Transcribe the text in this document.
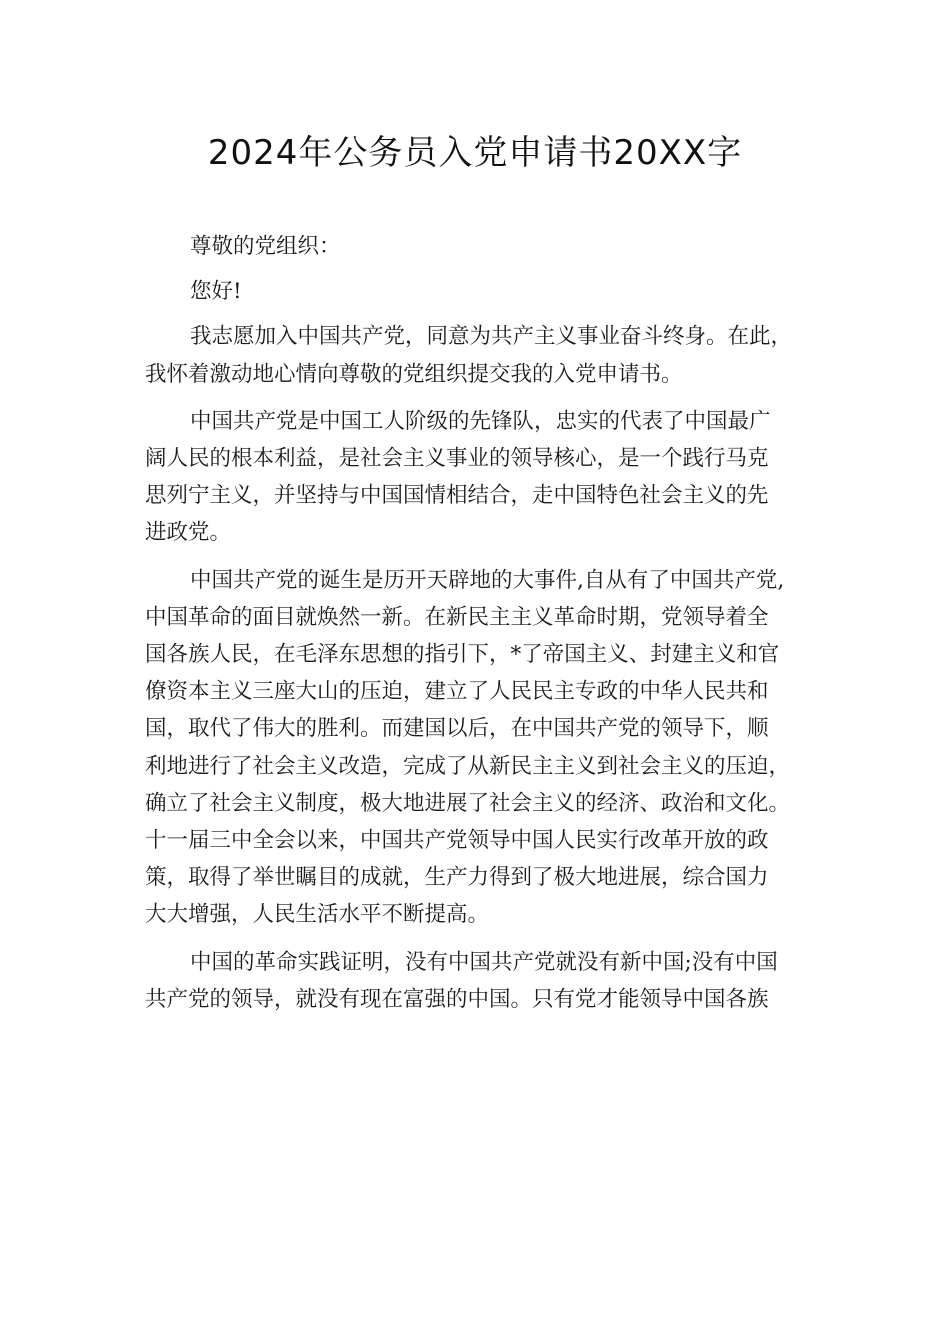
2024年公务员入党申请书20XX字

尊敬的党组织：

您好!

我志愿加入中国共产党，同意为共产主义事业奋斗终身。在此，
我怀着激动地心情向尊敬的党组织提交我的入党申请书。

中国共产党是中国工人阶级的先锋队，忠实的代表了中国最广
阔人民的根本利益，是社会主义事业的领导核心，是一个践行马克
思列宁主义，并坚持与中国国情相结合，走中国特色社会主义的先
进政党。

中国共产党的诞生是历开天辟地的大事件,自从有了中国共产党,
中国革命的面目就焕然一新。在新民主主义革命时期，党领导着全
国各族人民，在毛泽东思想的指引下，*了帝国主义、封建主义和官
僚资本主义三座大山的压迫，建立了人民民主专政的中华人民共和
国，取代了伟大的胜利。而建国以后，在中国共产党的领导下，顺
利地进行了社会主义改造，完成了从新民主主义到社会主义的压迫，
确立了社会主义制度，极大地进展了社会主义的经济、政治和文化。
十一届三中全会以来，中国共产党领导中国人民实行改革开放的政
策，取得了举世瞩目的成就，生产力得到了极大地进展，综合国力
大大增强，人民生活水平不断提高。

中国的革命实践证明，没有中国共产党就没有新中国;没有中国
共产党的领导，就没有现在富强的中国。只有党才能领导中国各族
